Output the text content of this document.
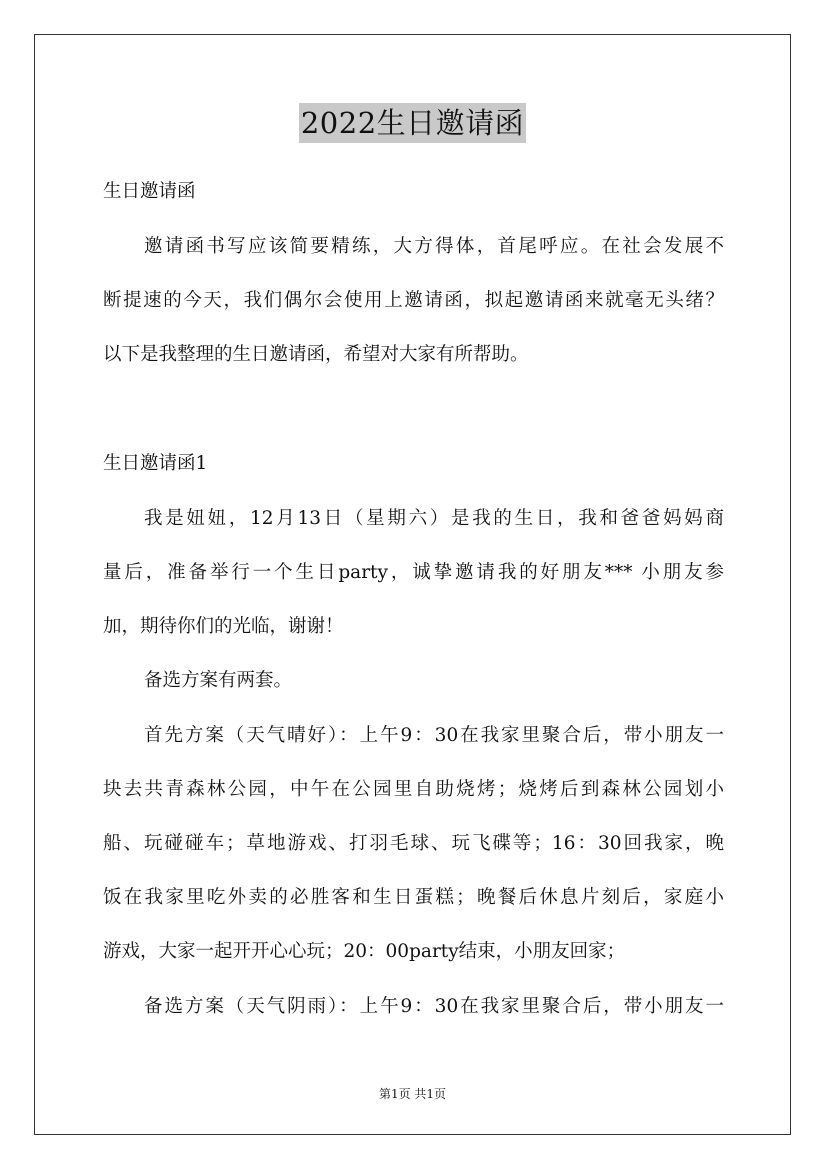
2022生日邀请函
生日邀请函
邀请函书写应该简要精练，大方得体，首尾呼应。在社会发展不
断提速的今天，我们偶尔会使用上邀请函，拟起邀请函来就毫无头绪？
以下是我整理的生日邀请函，希望对大家有所帮助。
生日邀请函1
我是妞妞，12月13日（星期六）是我的生日，我和爸爸妈妈商
量后，准备举行一个生日party，诚挚邀请我的好朋友*** 小朋友参
加，期待你们的光临，谢谢！
备选方案有两套。
首先方案（天气晴好）：上午9：30在我家里聚合后，带小朋友一
块去共青森林公园，中午在公园里自助烧烤；烧烤后到森林公园划小
船、玩碰碰车；草地游戏、打羽毛球、玩飞碟等；16：30回我家，晚
饭在我家里吃外卖的必胜客和生日蛋糕；晚餐后休息片刻后，家庭小
游戏，大家一起开开心心玩；20：00party结束，小朋友回家；
备选方案（天气阴雨）：上午9：30在我家里聚合后，带小朋友一
第1页 共1页
